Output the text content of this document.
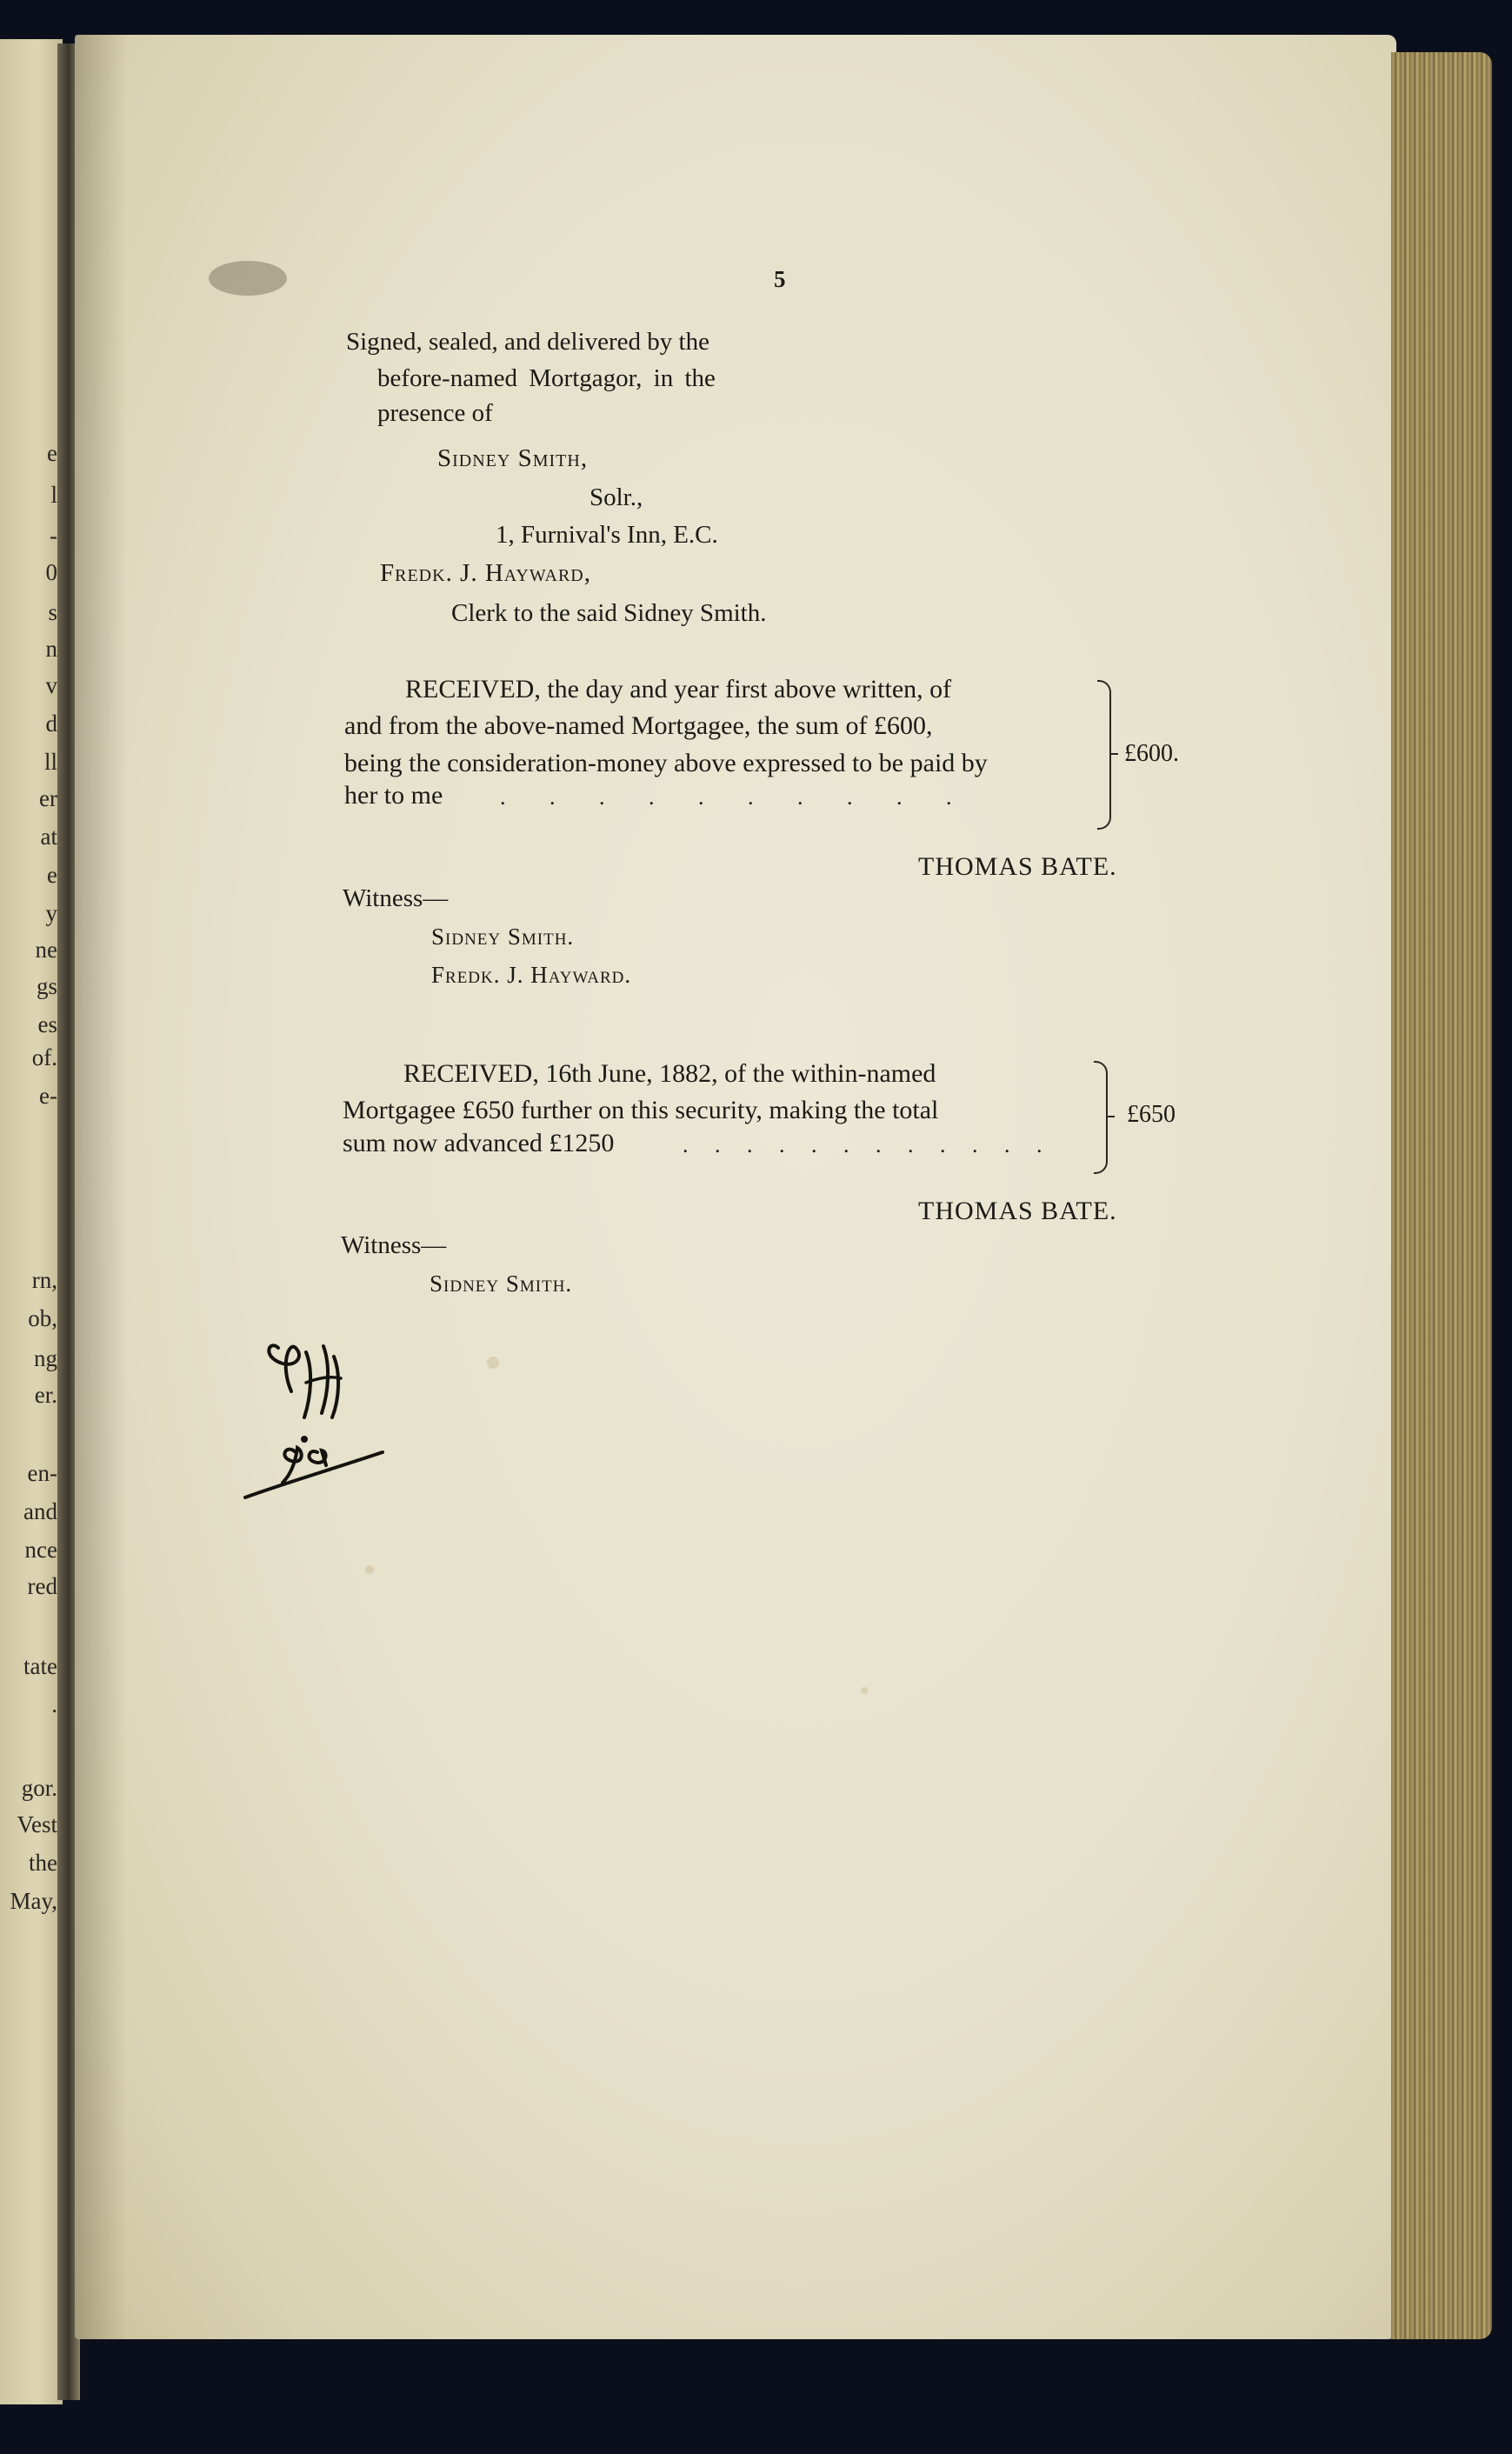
e
l
-
0
s
n
v
d
ll
er
at
e
y
ne
gs
es
of.
e-
rn,
ob,
ng
er.
en-
and
nce
red
tate
.
gor.
Vest
the
May,
5
Signed, sealed, and delivered by the
before-named Mortgagor, in the
presence of
Sidney Smith,
Solr.,
1, Furnival's Inn, E.C.
Fredk. J. Hayward,
Clerk to the said Sidney Smith.
RECEIVED, the day and year first above written, of
and from the above-named Mortgagee, the sum of £600,
being the consideration-money above expressed to be paid by
her to me	. . . . . . . . . .
£600.
THOMAS BATE.
Witness—
Sidney Smith.
Fredk. J. Hayward.
RECEIVED, 16th June, 1882, of the within-named
Mortgagee £650 further on this security, making the total
sum now advanced £1250	. . . . . . . . . . . .
£650
THOMAS BATE.
Witness—
Sidney Smith.
